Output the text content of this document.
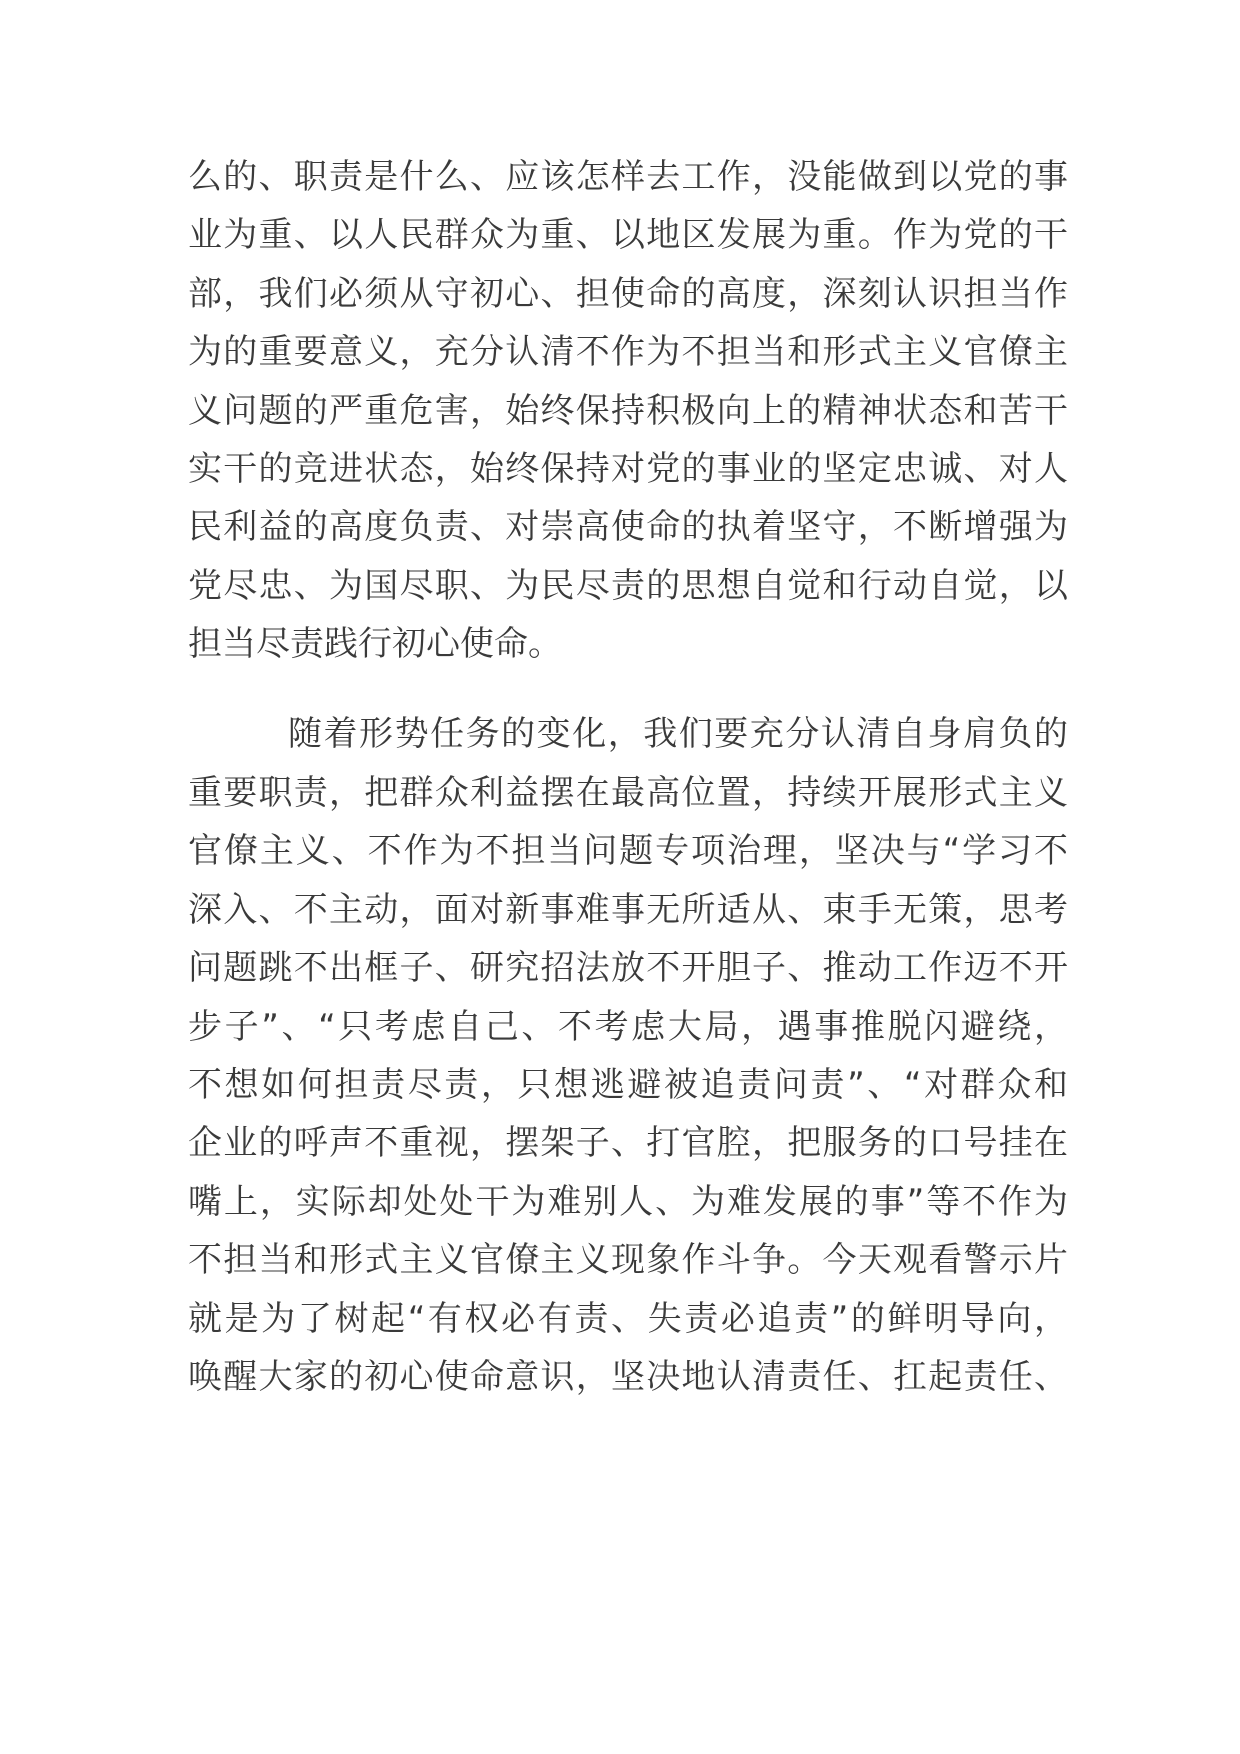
么的、职责是什么、应该怎样去工作，没能做到以党的事
业为重、以人民群众为重、以地区发展为重。作为党的干
部，我们必须从守初心、担使命的高度，深刻认识担当作
为的重要意义，充分认清不作为不担当和形式主义官僚主
义问题的严重危害，始终保持积极向上的精神状态和苦干
实干的竞进状态，始终保持对党的事业的坚定忠诚、对人
民利益的高度负责、对崇高使命的执着坚守，不断增强为
党尽忠、为国尽职、为民尽责的思想自觉和行动自觉，以
担当尽责践行初心使命。
随着形势任务的变化，我们要充分认清自身肩负的
重要职责，把群众利益摆在最高位置，持续开展形式主义
官僚主义、不作为不担当问题专项治理，坚决与“学习不
深入、不主动，面对新事难事无所适从、束手无策，思考
问题跳不出框子、研究招法放不开胆子、推动工作迈不开
步子”、“只考虑自己、不考虑大局，遇事推脱闪避绕，
不想如何担责尽责，只想逃避被追责问责”、“对群众和
企业的呼声不重视，摆架子、打官腔，把服务的口号挂在
嘴上，实际却处处干为难别人、为难发展的事”等不作为
不担当和形式主义官僚主义现象作斗争。今天观看警示片
就是为了树起“有权必有责、失责必追责”的鲜明导向，
唤醒大家的初心使命意识，坚决地认清责任、扛起责任、
